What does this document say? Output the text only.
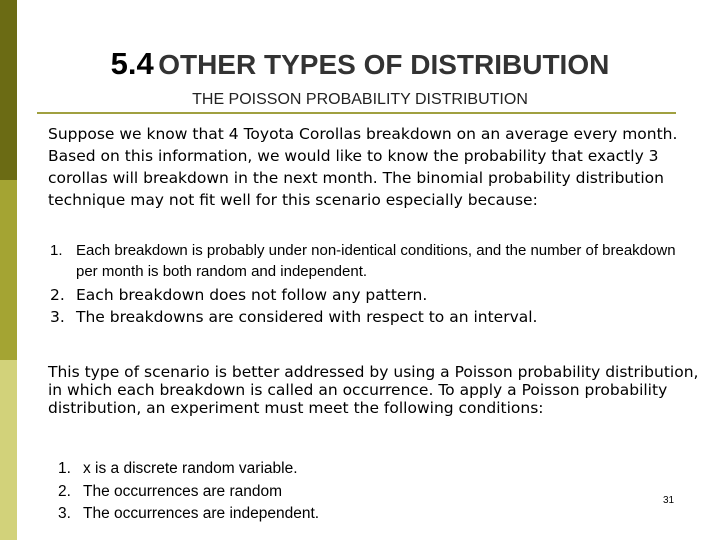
5.4 OTHER TYPES OF DISTRIBUTION
THE POISSON PROBABILITY DISTRIBUTION

Suppose we know that 4 Toyota Corollas breakdown on an average every month. Based on this information, we would like to know the probability that exactly 3 corollas will breakdown in the next month. The binomial probability distribution technique may not fit well for this scenario especially because:

1. Each breakdown is probably under non-identical conditions, and the number of breakdown per month is both random and independent.
2. Each breakdown does not follow any pattern.
3. The breakdowns are considered with respect to an interval.

This type of scenario is better addressed by using a Poisson probability distribution, in which each breakdown is called an occurrence. To apply a Poisson probability distribution, an experiment must meet the following conditions:

1. x is a discrete random variable.
2. The occurrences are random
3. The occurrences are independent.
31
